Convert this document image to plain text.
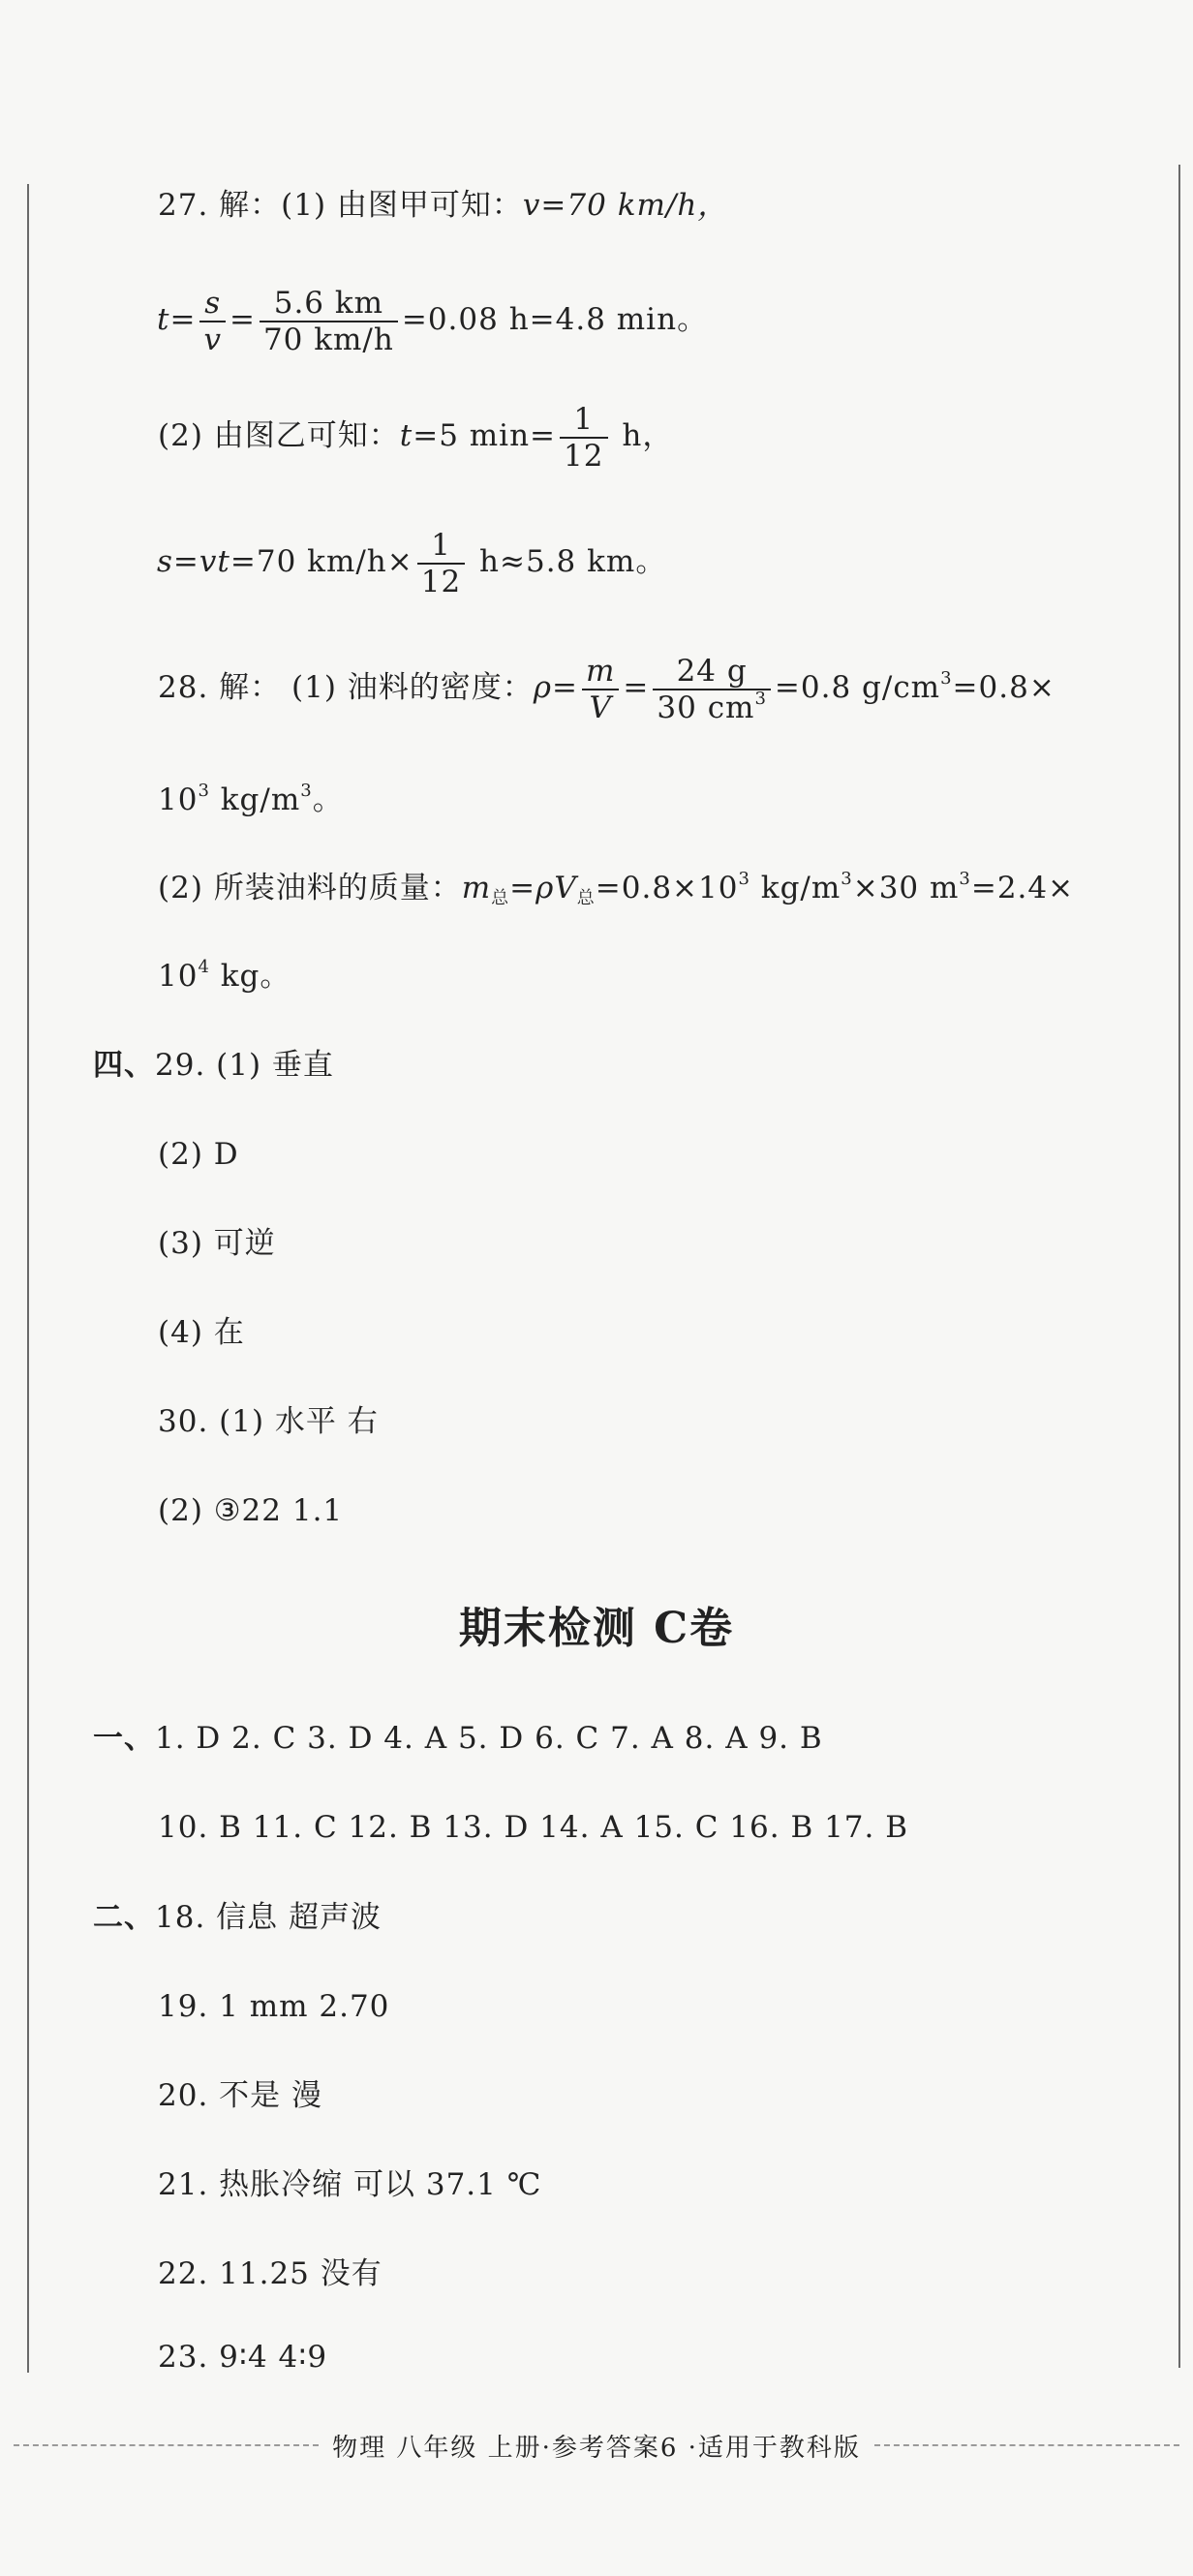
27. 解：(1) 由图甲可知：v=70 km/h，
$t= \frac{s}{v} = \frac{5.6 km}{70 km/h} =0.08$ h=4.8 min。
(2) 由图乙可知：t=5 $\min= \frac{1}{12}$ h，
s=vt=70 $km/h\times \frac{1}{12} h\approx 5.8$ km。
28. 解： (1) 油料的密度：$\rho= \frac{m}{V} = \frac{24 g}{30 cm^3} =0.8$ $g/cm^3=0.8\times$
$10^3$ $kg/m^3$。
(2) 所装油料的质量：$m_总=\rho V_总=0.8\times 10^3$ $kg/m^3\times 30$ $m^3=2.4\times$
$10^4$ kg。
四、29. (1) 垂直
(2) D
(3) 可逆
(4) 在
30. (1) 水平 右
(2) ③22 1.1
期末检测 C卷
一、1. D 2. C 3. D 4. A 5. D 6. C 7. A 8. A 9. B
10. B 11. C 12. B 13. D 14. A 15. C 16. B 17. B
二、18. 信息 超声波
19. 1 mm 2.70
20. 不是 漫
21. 热胀冷缩 可以 37.1 ℃
22. 11.25 没有
23. 9∶4 4∶9
物理 八年级 上册·参考答案6 ·适用于教科版
